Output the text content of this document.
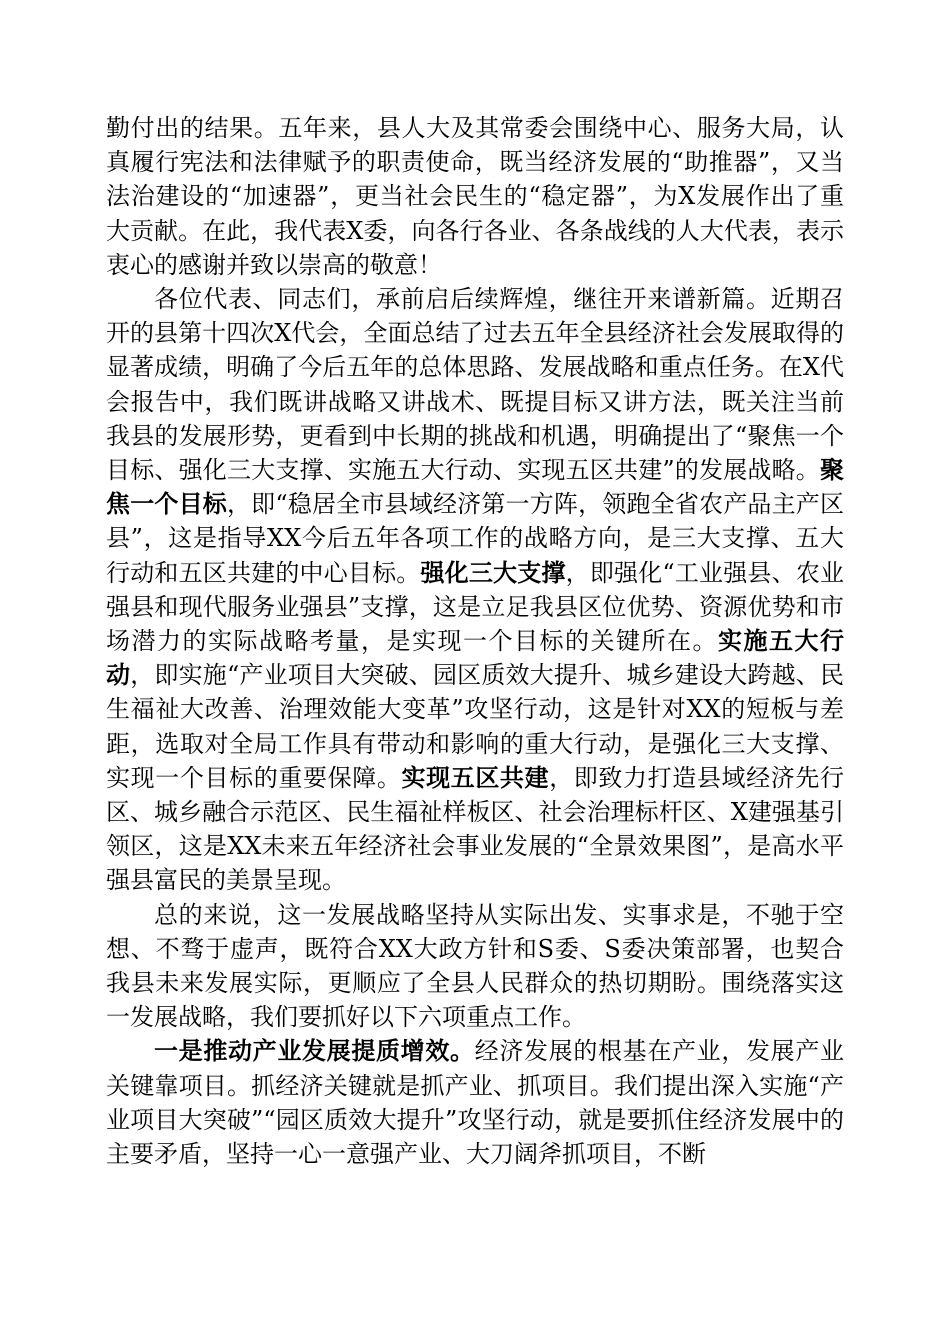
勤付出的结果。五年来，县人大及其常委会围绕中心、服务大局，认真履行宪法和法律赋予的职责使命，既当经济发展的“助推器”，又当法治建设的“加速器”，更当社会民生的“稳定器”，为X发展作出了重大贡献。在此，我代表X委，向各行各业、各条战线的人大代表，表示衷心的感谢并致以崇高的敬意！

各位代表、同志们，承前启后续辉煌，继往开来谱新篇。近期召开的县第十四次X代会，全面总结了过去五年全县经济社会发展取得的显著成绩，明确了今后五年的总体思路、发展战略和重点任务。在X代会报告中，我们既讲战略又讲战术、既提目标又讲方法，既关注当前我县的发展形势，更看到中长期的挑战和机遇，明确提出了“聚焦一个目标、强化三大支撑、实施五大行动、实现五区共建”的发展战略。聚焦一个目标，即“稳居全市县域经济第一方阵，领跑全省农产品主产区县”，这是指导XX今后五年各项工作的战略方向，是三大支撑、五大行动和五区共建的中心目标。强化三大支撑，即强化“工业强县、农业强县和现代服务业强县”支撑，这是立足我县区位优势、资源优势和市场潜力的实际战略考量，是实现一个目标的关键所在。实施五大行动，即实施“产业项目大突破、园区质效大提升、城乡建设大跨越、民生福祉大改善、治理效能大变革”攻坚行动，这是针对XX的短板与差距，选取对全局工作具有带动和影响的重大行动，是强化三大支撑、实现一个目标的重要保障。实现五区共建，即致力打造县域经济先行区、城乡融合示范区、民生福祉样板区、社会治理标杆区、X建强基引领区，这是XX未来五年经济社会事业发展的“全景效果图”，是高水平强县富民的美景呈现。

总的来说，这一发展战略坚持从实际出发、实事求是，不驰于空想、不骛于虚声，既符合XX大政方针和S委、S委决策部署，也契合我县未来发展实际，更顺应了全县人民群众的热切期盼。围绕落实这一发展战略，我们要抓好以下六项重点工作。

一是推动产业发展提质增效。经济发展的根基在产业，发展产业关键靠项目。抓经济关键就是抓产业、抓项目。我们提出深入实施“产业项目大突破”“园区质效大提升”攻坚行动，就是要抓住经济发展中的主要矛盾，坚持一心一意强产业、大刀阔斧抓项目，不断
